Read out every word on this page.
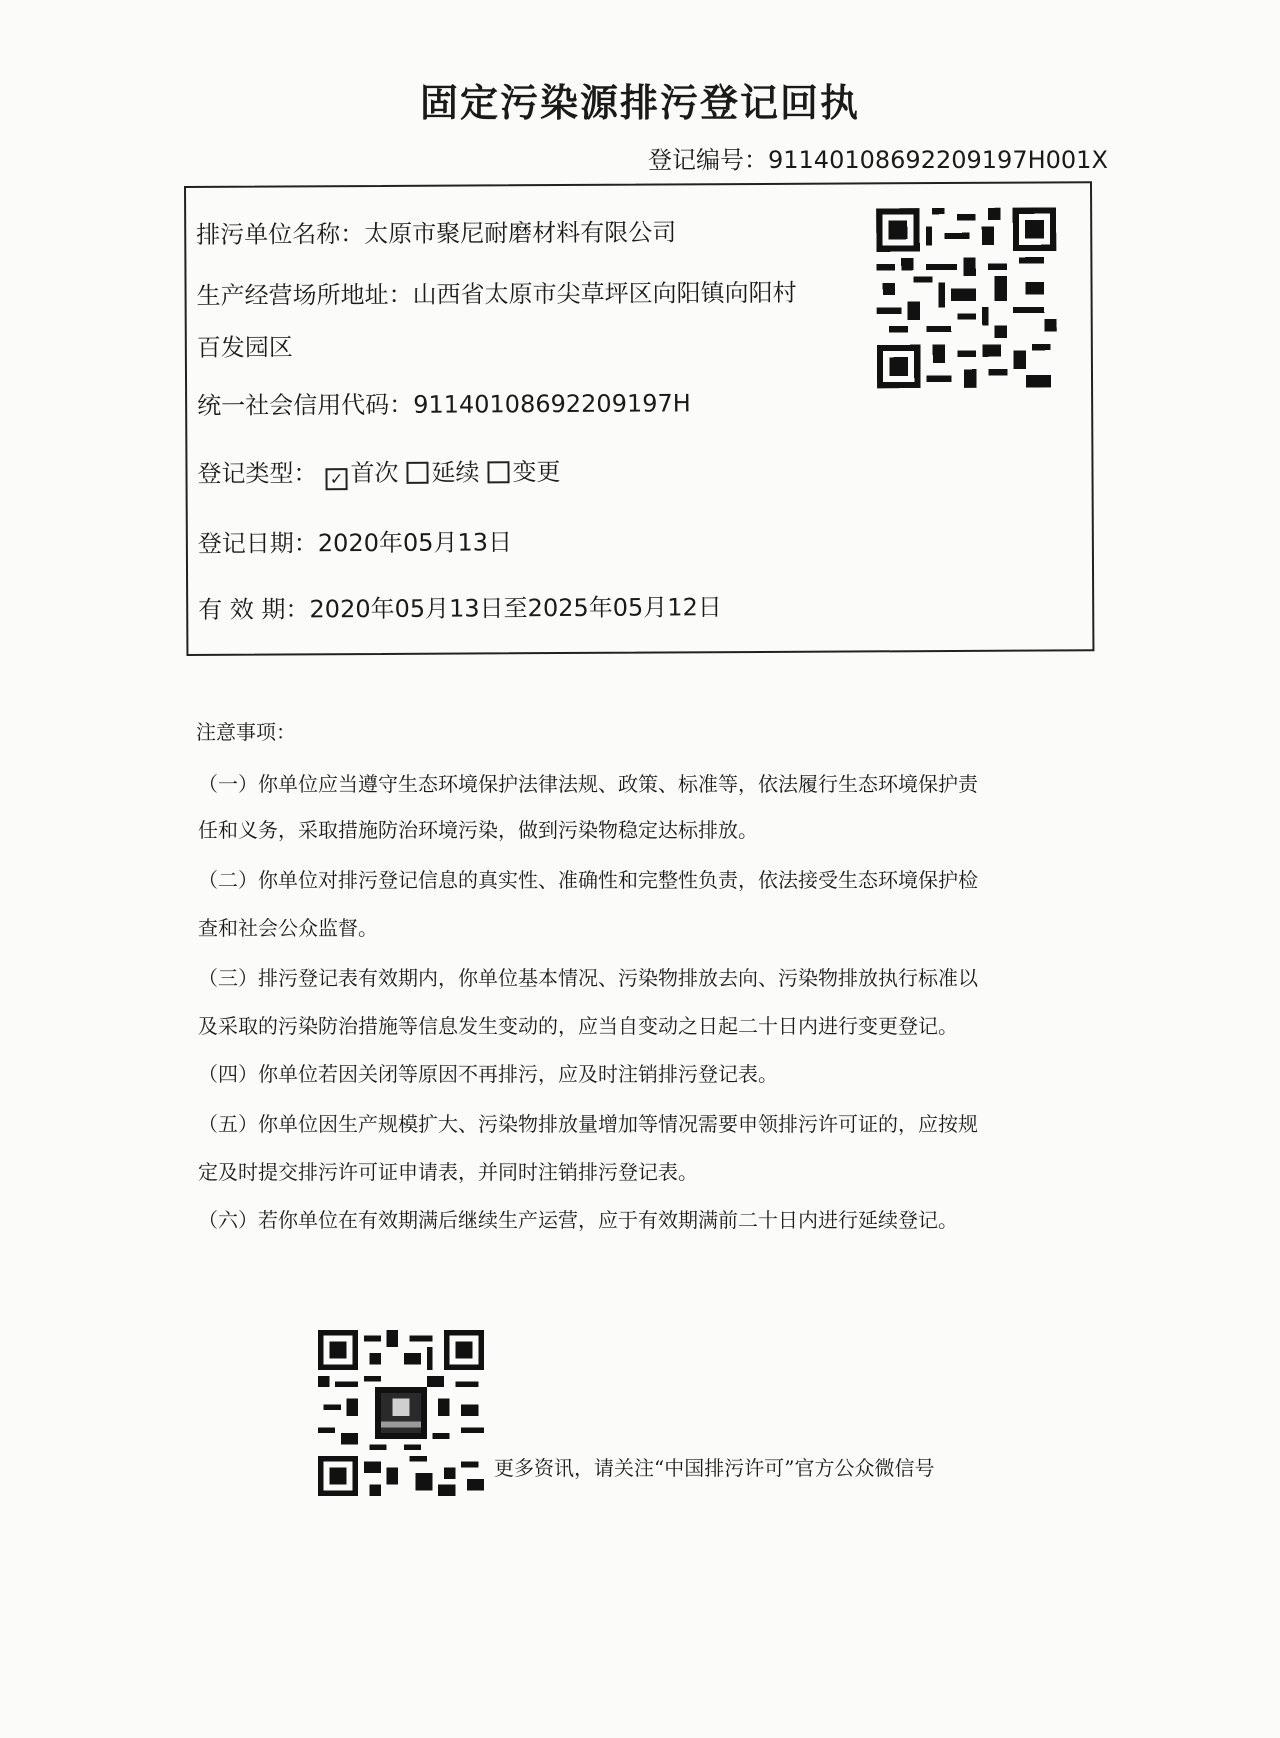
固定污染源排污登记回执
登记编号：91140108692209197H001X
排污单位名称：太原市聚尼耐磨材料有限公司
生产经营场所地址：山西省太原市尖草坪区向阳镇向阳村
百发园区
统一社会信用代码：91140108692209197H
登记类型： ✓ 首次 延续 变更
登记日期：2020年05月13日
有 效 期：2020年05月13日至2025年05月12日
注意事项：
（一）你单位应当遵守生态环境保护法律法规、政策、标准等，依法履行生态环境保护责
任和义务，采取措施防治环境污染，做到污染物稳定达标排放。
（二）你单位对排污登记信息的真实性、准确性和完整性负责，依法接受生态环境保护检
查和社会公众监督。
（三）排污登记表有效期内，你单位基本情况、污染物排放去向、污染物排放执行标准以
及采取的污染防治措施等信息发生变动的，应当自变动之日起二十日内进行变更登记。
（四）你单位若因关闭等原因不再排污，应及时注销排污登记表。
（五）你单位因生产规模扩大、污染物排放量增加等情况需要申领排污许可证的，应按规
定及时提交排污许可证申请表，并同时注销排污登记表。
（六）若你单位在有效期满后继续生产运营，应于有效期满前二十日内进行延续登记。
更多资讯，请关注“中国排污许可”官方公众微信号
